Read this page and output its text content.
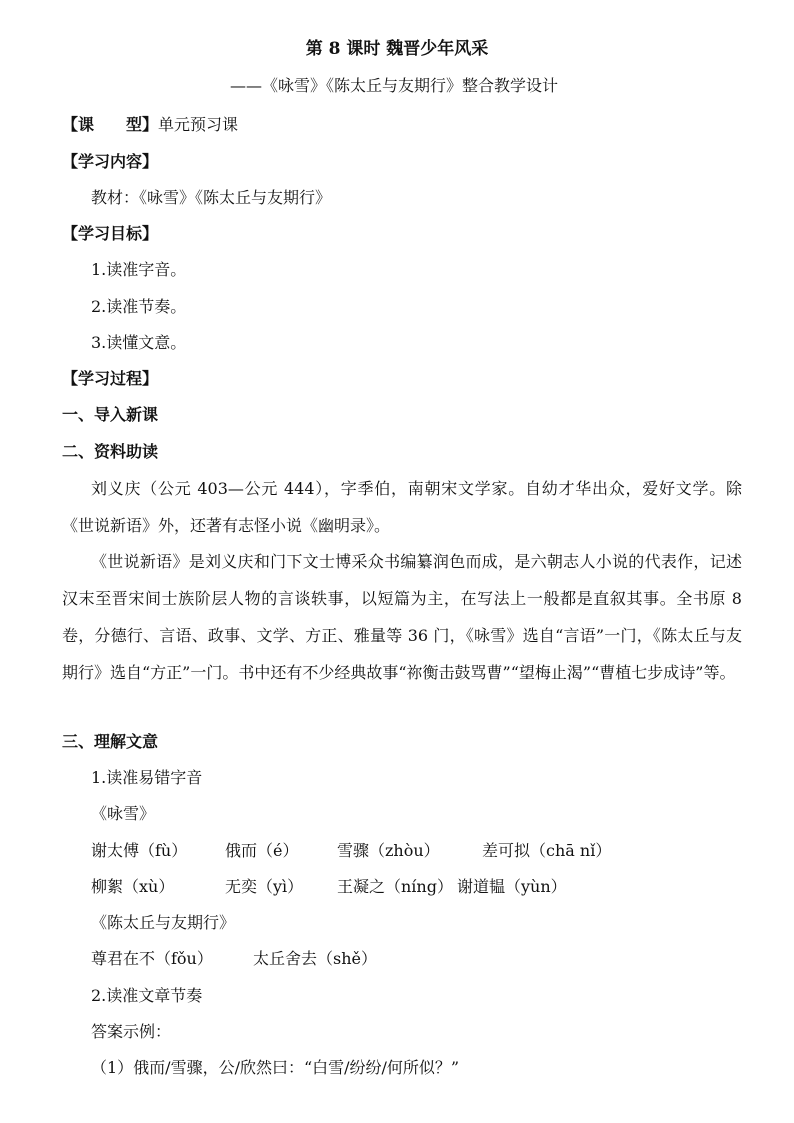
第 8 课时 魏晋少年风采
——《咏雪》《陈太丘与友期行》整合教学设计
【课　　型】单元预习课
【学习内容】
教材：《咏雪》《陈太丘与友期行》
【学习目标】
1.读准字音。
2.读准节奏。
3.读懂文意。
【学习过程】
一、导入新课
二、资料助读
刘义庆（公元 403—公元 444），字季伯，南朝宋文学家。自幼才华出众，爱好文学。除《世说新语》外，还著有志怪小说《幽明录》。
《世说新语》是刘义庆和门下文士博采众书编纂润色而成，是六朝志人小说的代表作，记述汉末至晋宋间士族阶层人物的言谈轶事，以短篇为主，在写法上一般都是直叙其事。全书原 8 卷，分德行、言语、政事、文学、方正、雅量等 36 门，《咏雪》选自“言语”一门，《陈太丘与友期行》选自“方正”一门。书中还有不少经典故事“祢衡击鼓骂曹”“望梅止渴”“曹植七步成诗”等。
三、理解文意
1.读准易错字音
《咏雪》
谢太傅（fù） 俄而（é） 雪骤（zhòu）	差可拟（chā nǐ）
柳絮（xù）	无奕（yì） 王凝之（níng） 谢道韫（yùn）
《陈太丘与友期行》
尊君在不（fǒu）	太丘舍去（shě）
2.读准文章节奏
答案示例：
（1）俄而/雪骤，公/欣然曰：“白雪/纷纷/何所似？”
